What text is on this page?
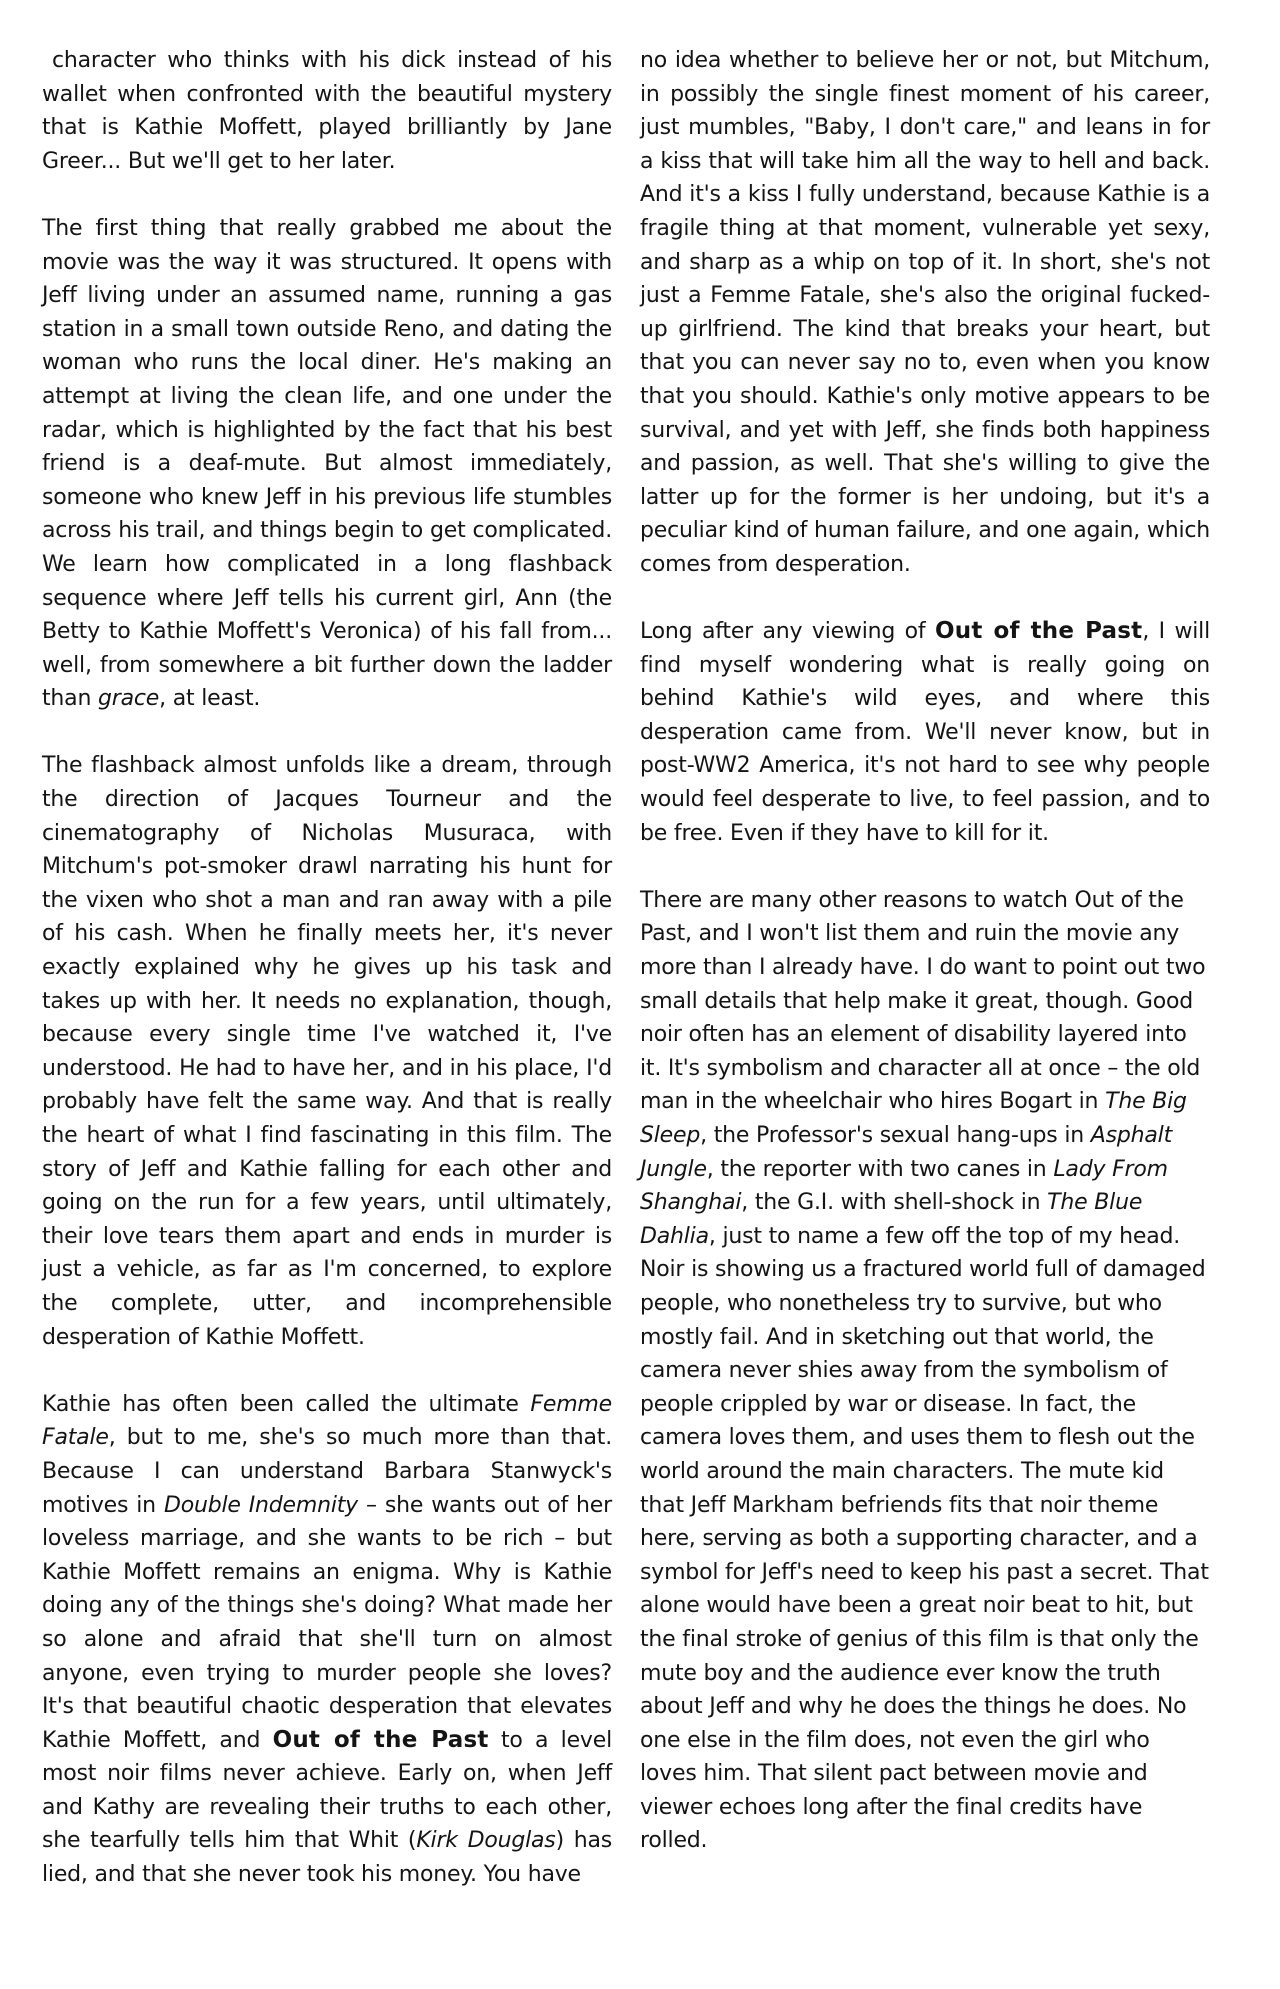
character who thinks with his dick instead of his wallet when confronted with the beautiful mystery that is Kathie Moffett, played brilliantly by Jane Greer... But we'll get to her later.

The first thing that really grabbed me about the movie was the way it was structured. It opens with Jeff living under an assumed name, running a gas station in a small town outside Reno, and dating the woman who runs the local diner. He's making an attempt at living the clean life, and one under the radar, which is highlighted by the fact that his best friend is a deaf-mute. But almost immediately, someone who knew Jeff in his previous life stumbles across his trail, and things begin to get complicated. We learn how complicated in a long flashback sequence where Jeff tells his current girl, Ann (the Betty to Kathie Moffett's Veronica) of his fall from... well, from somewhere a bit further down the ladder than grace, at least.

The flashback almost unfolds like a dream, through the direction of Jacques Tourneur and the cinematography of Nicholas Musuraca, with Mitchum's pot-smoker drawl narrating his hunt for the vixen who shot a man and ran away with a pile of his cash. When he finally meets her, it's never exactly explained why he gives up his task and takes up with her. It needs no explanation, though, because every single time I've watched it, I've understood. He had to have her, and in his place, I'd probably have felt the same way. And that is really the heart of what I find fascinating in this film. The story of Jeff and Kathie falling for each other and going on the run for a few years, until ultimately, their love tears them apart and ends in murder is just a vehicle, as far as I'm concerned, to explore the complete, utter, and incomprehensible desperation of Kathie Moffett.

Kathie has often been called the ultimate Femme Fatale, but to me, she's so much more than that. Because I can understand Barbara Stanwyck's motives in Double Indemnity – she wants out of her loveless marriage, and she wants to be rich – but Kathie Moffett remains an enigma. Why is Kathie doing any of the things she's doing? What made her so alone and afraid that she'll turn on almost anyone, even trying to murder people she loves? It's that beautiful chaotic desperation that elevates Kathie Moffett, and Out of the Past to a level most noir films never achieve. Early on, when Jeff and Kathy are revealing their truths to each other, she tearfully tells him that Whit (Kirk Douglas) has lied, and that she never took his money. You have

no idea whether to believe her or not, but Mitchum, in possibly the single finest moment of his career, just mumbles, "Baby, I don't care," and leans in for a kiss that will take him all the way to hell and back. And it's a kiss I fully understand, because Kathie is a fragile thing at that moment, vulnerable yet sexy, and sharp as a whip on top of it. In short, she's not just a Femme Fatale, she's also the original fucked-up girlfriend. The kind that breaks your heart, but that you can never say no to, even when you know that you should. Kathie's only motive appears to be survival, and yet with Jeff, she finds both happiness and passion, as well. That she's willing to give the latter up for the former is her undoing, but it's a peculiar kind of human failure, and one again, which comes from desperation.

Long after any viewing of Out of the Past, I will find myself wondering what is really going on behind Kathie's wild eyes, and where this desperation came from. We'll never know, but in post-WW2 America, it's not hard to see why people would feel desperate to live, to feel passion, and to be free. Even if they have to kill for it.

There are many other reasons to watch Out of the Past, and I won't list them and ruin the movie any more than I already have. I do want to point out two small details that help make it great, though. Good noir often has an element of disability layered into it. It's symbolism and character all at once – the old man in the wheelchair who hires Bogart in The Big Sleep, the Professor's sexual hang-ups in Asphalt Jungle, the reporter with two canes in Lady From Shanghai, the G.I. with shell-shock in The Blue Dahlia, just to name a few off the top of my head. Noir is showing us a fractured world full of damaged people, who nonetheless try to survive, but who mostly fail. And in sketching out that world, the camera never shies away from the symbolism of people crippled by war or disease. In fact, the camera loves them, and uses them to flesh out the world around the main characters. The mute kid that Jeff Markham befriends fits that noir theme here, serving as both a supporting character, and a symbol for Jeff's need to keep his past a secret. That alone would have been a great noir beat to hit, but the final stroke of genius of this film is that only the mute boy and the audience ever know the truth about Jeff and why he does the things he does. No one else in the film does, not even the girl who loves him. That silent pact between movie and viewer echoes long after the final credits have rolled.
